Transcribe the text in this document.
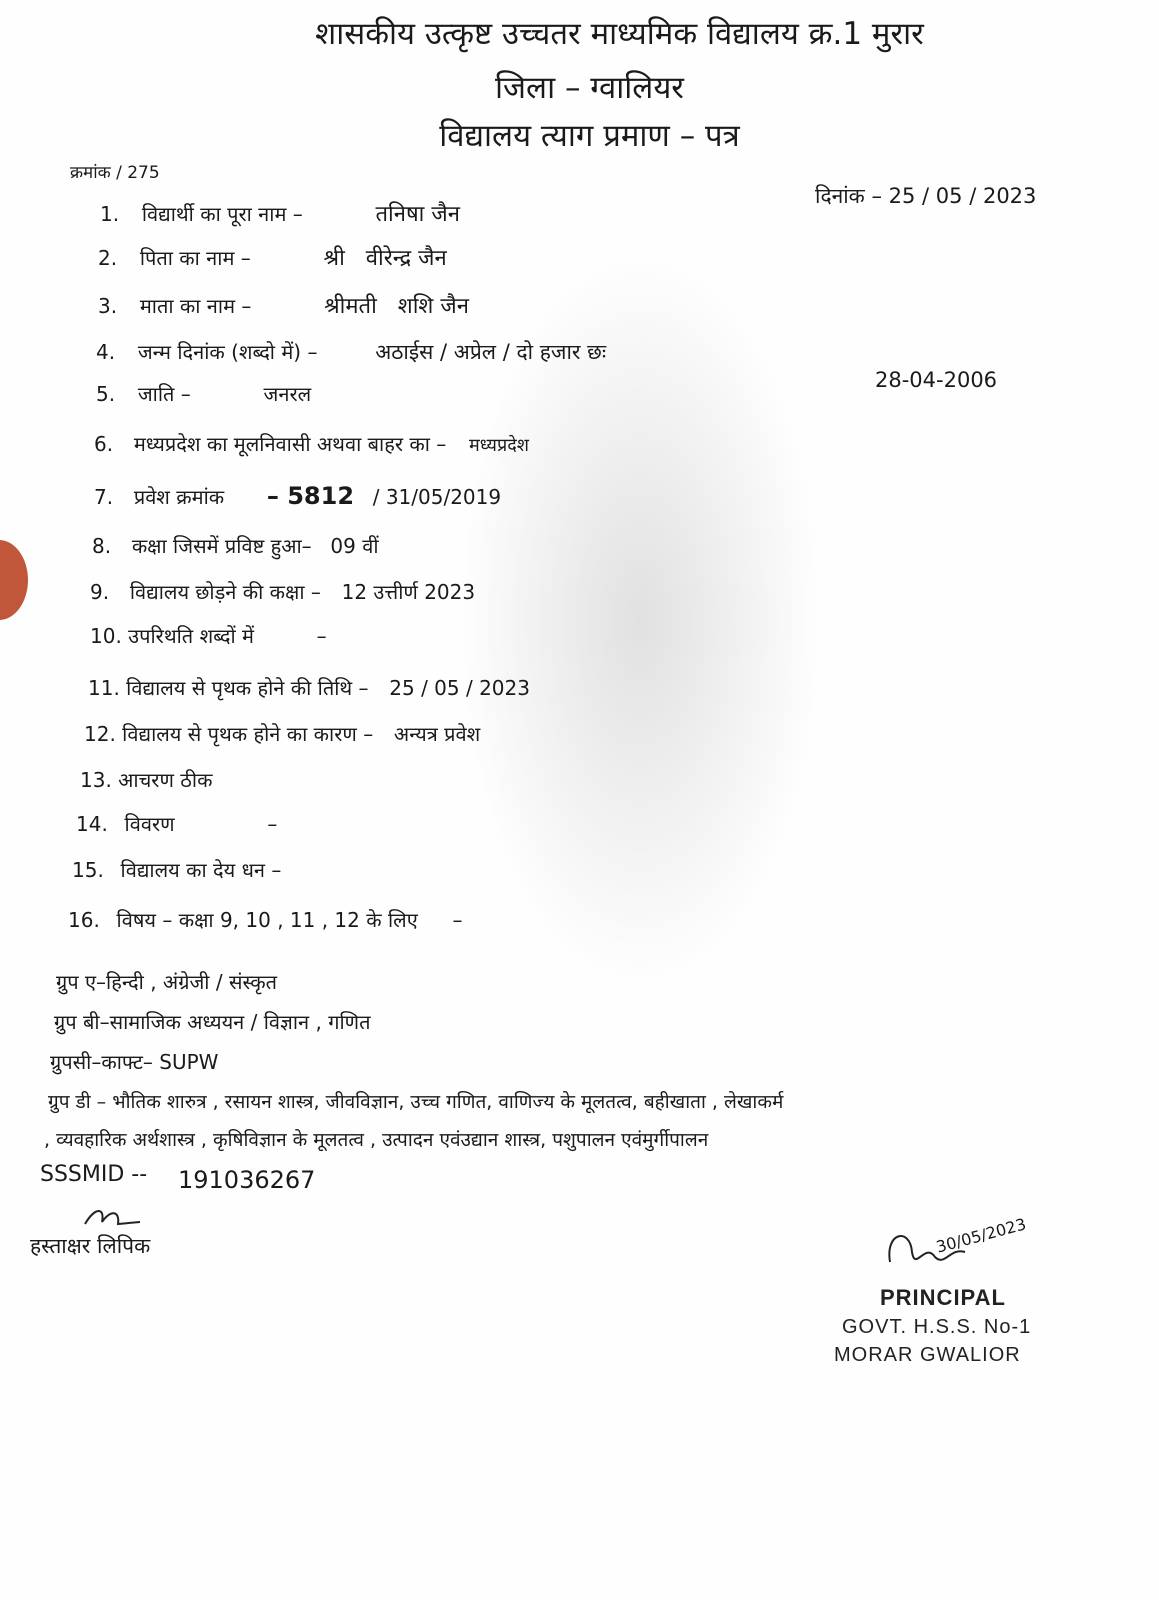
शासकीय उत्कृष्ट उच्चतर माध्यमिक विद्यालय क्र.1 मुरार
जिला – ग्वालियर
विद्यालय त्याग प्रमाण – पत्र
क्रमांक / 275
दिनांक – 25 / 05 / 2023
1. विद्यार्थी का पूरा नाम –	तनिषा जैन
2. पिता का नाम –	श्री   वीरेन्द्र जैन
3. माता का नाम –	श्रीमती   शशि जैन
4. जन्म दिनांक (शब्दो में) –	अठाईस / अप्रेल / दो हजार छः
28-04-2006
5. जाति –	जनरल
6. मध्यप्रदेश का मूलनिवासी अथवा बाहर का – मध्यप्रदेश
7. प्रवेश क्रमांक – 5812 / 31/05/2019
8. कक्षा जिसमें प्रविष्ट हुआ– 09 वीं
9. विद्यालय छोड़ने की कक्षा – 12 उत्तीर्ण 2023
10. उपरिथति शब्दों में	–
11. विद्यालय से पृथक होने की तिथि – 25 / 05 / 2023
12. विद्यालय से पृथक होने का कारण – अन्यत्र प्रवेश
13. आचरण ठीक
14. विवरण	–
15. विद्यालय का देय धन –
16. विषय – कक्षा 9, 10 , 11 , 12 के लिए –
ग्रुप ए–हिन्दी , अंग्रेजी / संस्कृत
ग्रुप बी–सामाजिक अध्ययन / विज्ञान , गणित
ग्रुपसी–काफ्ट– SUPW
ग्रुप डी – भौतिक शारुत्र , रसायन शास्त्र, जीवविज्ञान, उच्च गणित, वाणिज्य के मूलतत्व, बहीखाता , लेखाकर्म
, व्यवहारिक अर्थशास्त्र , कृषिविज्ञान के मूलतत्व , उत्पादन एवंउद्यान शास्त्र, पशुपालन एवंमुर्गीपालन
SSSMID -- 191036267
हस्ताक्षर लिपिक	30/05/2023
PRINCIPAL
GOVT. H.S.S. No-1
MORAR GWALIOR
